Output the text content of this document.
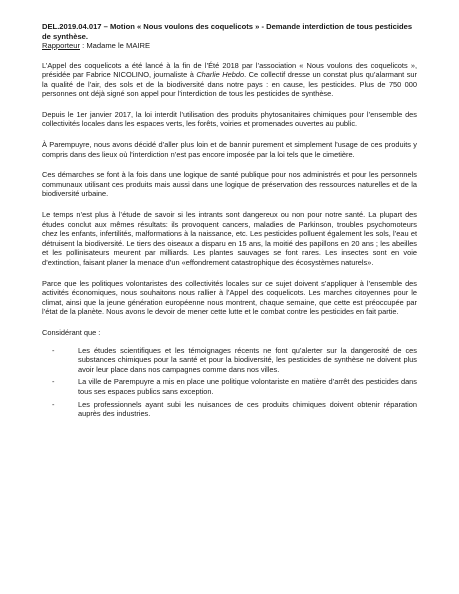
DEL.2019.04.017 – Motion « Nous voulons des coquelicots » - Demande interdiction de tous pesticides de synthèse.
Rapporteur : Madame le MAIRE

L’Appel des coquelicots a été lancé à la fin de l’Été 2018 par l’association « Nous voulons des coquelicots », présidée par Fabrice NICOLINO, journaliste à Charlie Hebdo. Ce collectif dresse un constat plus qu’alarmant sur la qualité de l’air, des sols et de la biodiversité dans notre pays : en cause, les pesticides. Plus de 750 000 personnes ont déjà signé son appel pour l’interdiction de tous les pesticides de synthèse.

Depuis le 1er janvier 2017, la loi interdit l’utilisation des produits phytosanitaires chimiques pour l’ensemble des collectivités locales dans les espaces verts, les forêts, voiries et promenades ouvertes au public.

À Parempuyre, nous avons décidé d’aller plus loin et de bannir purement et simplement l’usage de ces produits y compris dans des lieux où l’interdiction n’est pas encore imposée par la loi tels que le cimetière.

Ces démarches se font à la fois dans une logique de santé publique pour nos administrés et pour les personnels communaux utilisant ces produits mais aussi dans une logique de préservation des ressources naturelles et de la biodiversité urbaine.

Le temps n’est plus à l’étude de savoir si les intrants sont dangereux ou non pour notre santé. La plupart des études conclut aux mêmes résultats: ils provoquent cancers, maladies de Parkinson, troubles psychomoteurs chez les enfants, infertilités, malformations à la naissance, etc. Les pesticides polluent également les sols, l’eau et détruisent la biodiversité. Le tiers des oiseaux a disparu en 15 ans, la moitié des papillons en 20 ans ; les abeilles et les pollinisateurs meurent par milliards. Les plantes sauvages se font rares. Les insectes sont en voie d’extinction, faisant planer la menace d’un «effondrement catastrophique des écosystèmes naturels».

Parce que les politiques volontaristes des collectivités locales sur ce sujet doivent s’appliquer à l’ensemble des activités économiques, nous souhaitons nous rallier à l’Appel des coquelicots. Les marches citoyennes pour le climat, ainsi que la jeune génération européenne nous montrent, chaque semaine, que cette est préoccupée par l’état de la planète. Nous avons le devoir de mener cette lutte et le combat contre les pesticides en fait partie.

Considérant que :

-	Les études scientifiques et les témoignages récents ne font qu’alerter sur la dangerosité de ces substances chimiques pour la santé et pour la biodiversité, les pesticides de synthèse ne doivent plus avoir leur place dans nos campagnes comme dans nos villes.
-	La ville de Parempuyre a mis en place une politique volontariste en matière d’arrêt des pesticides dans tous ses espaces publics sans exception.
-	Les professionnels ayant subi les nuisances de ces produits chimiques doivent obtenir réparation auprès des industries.
